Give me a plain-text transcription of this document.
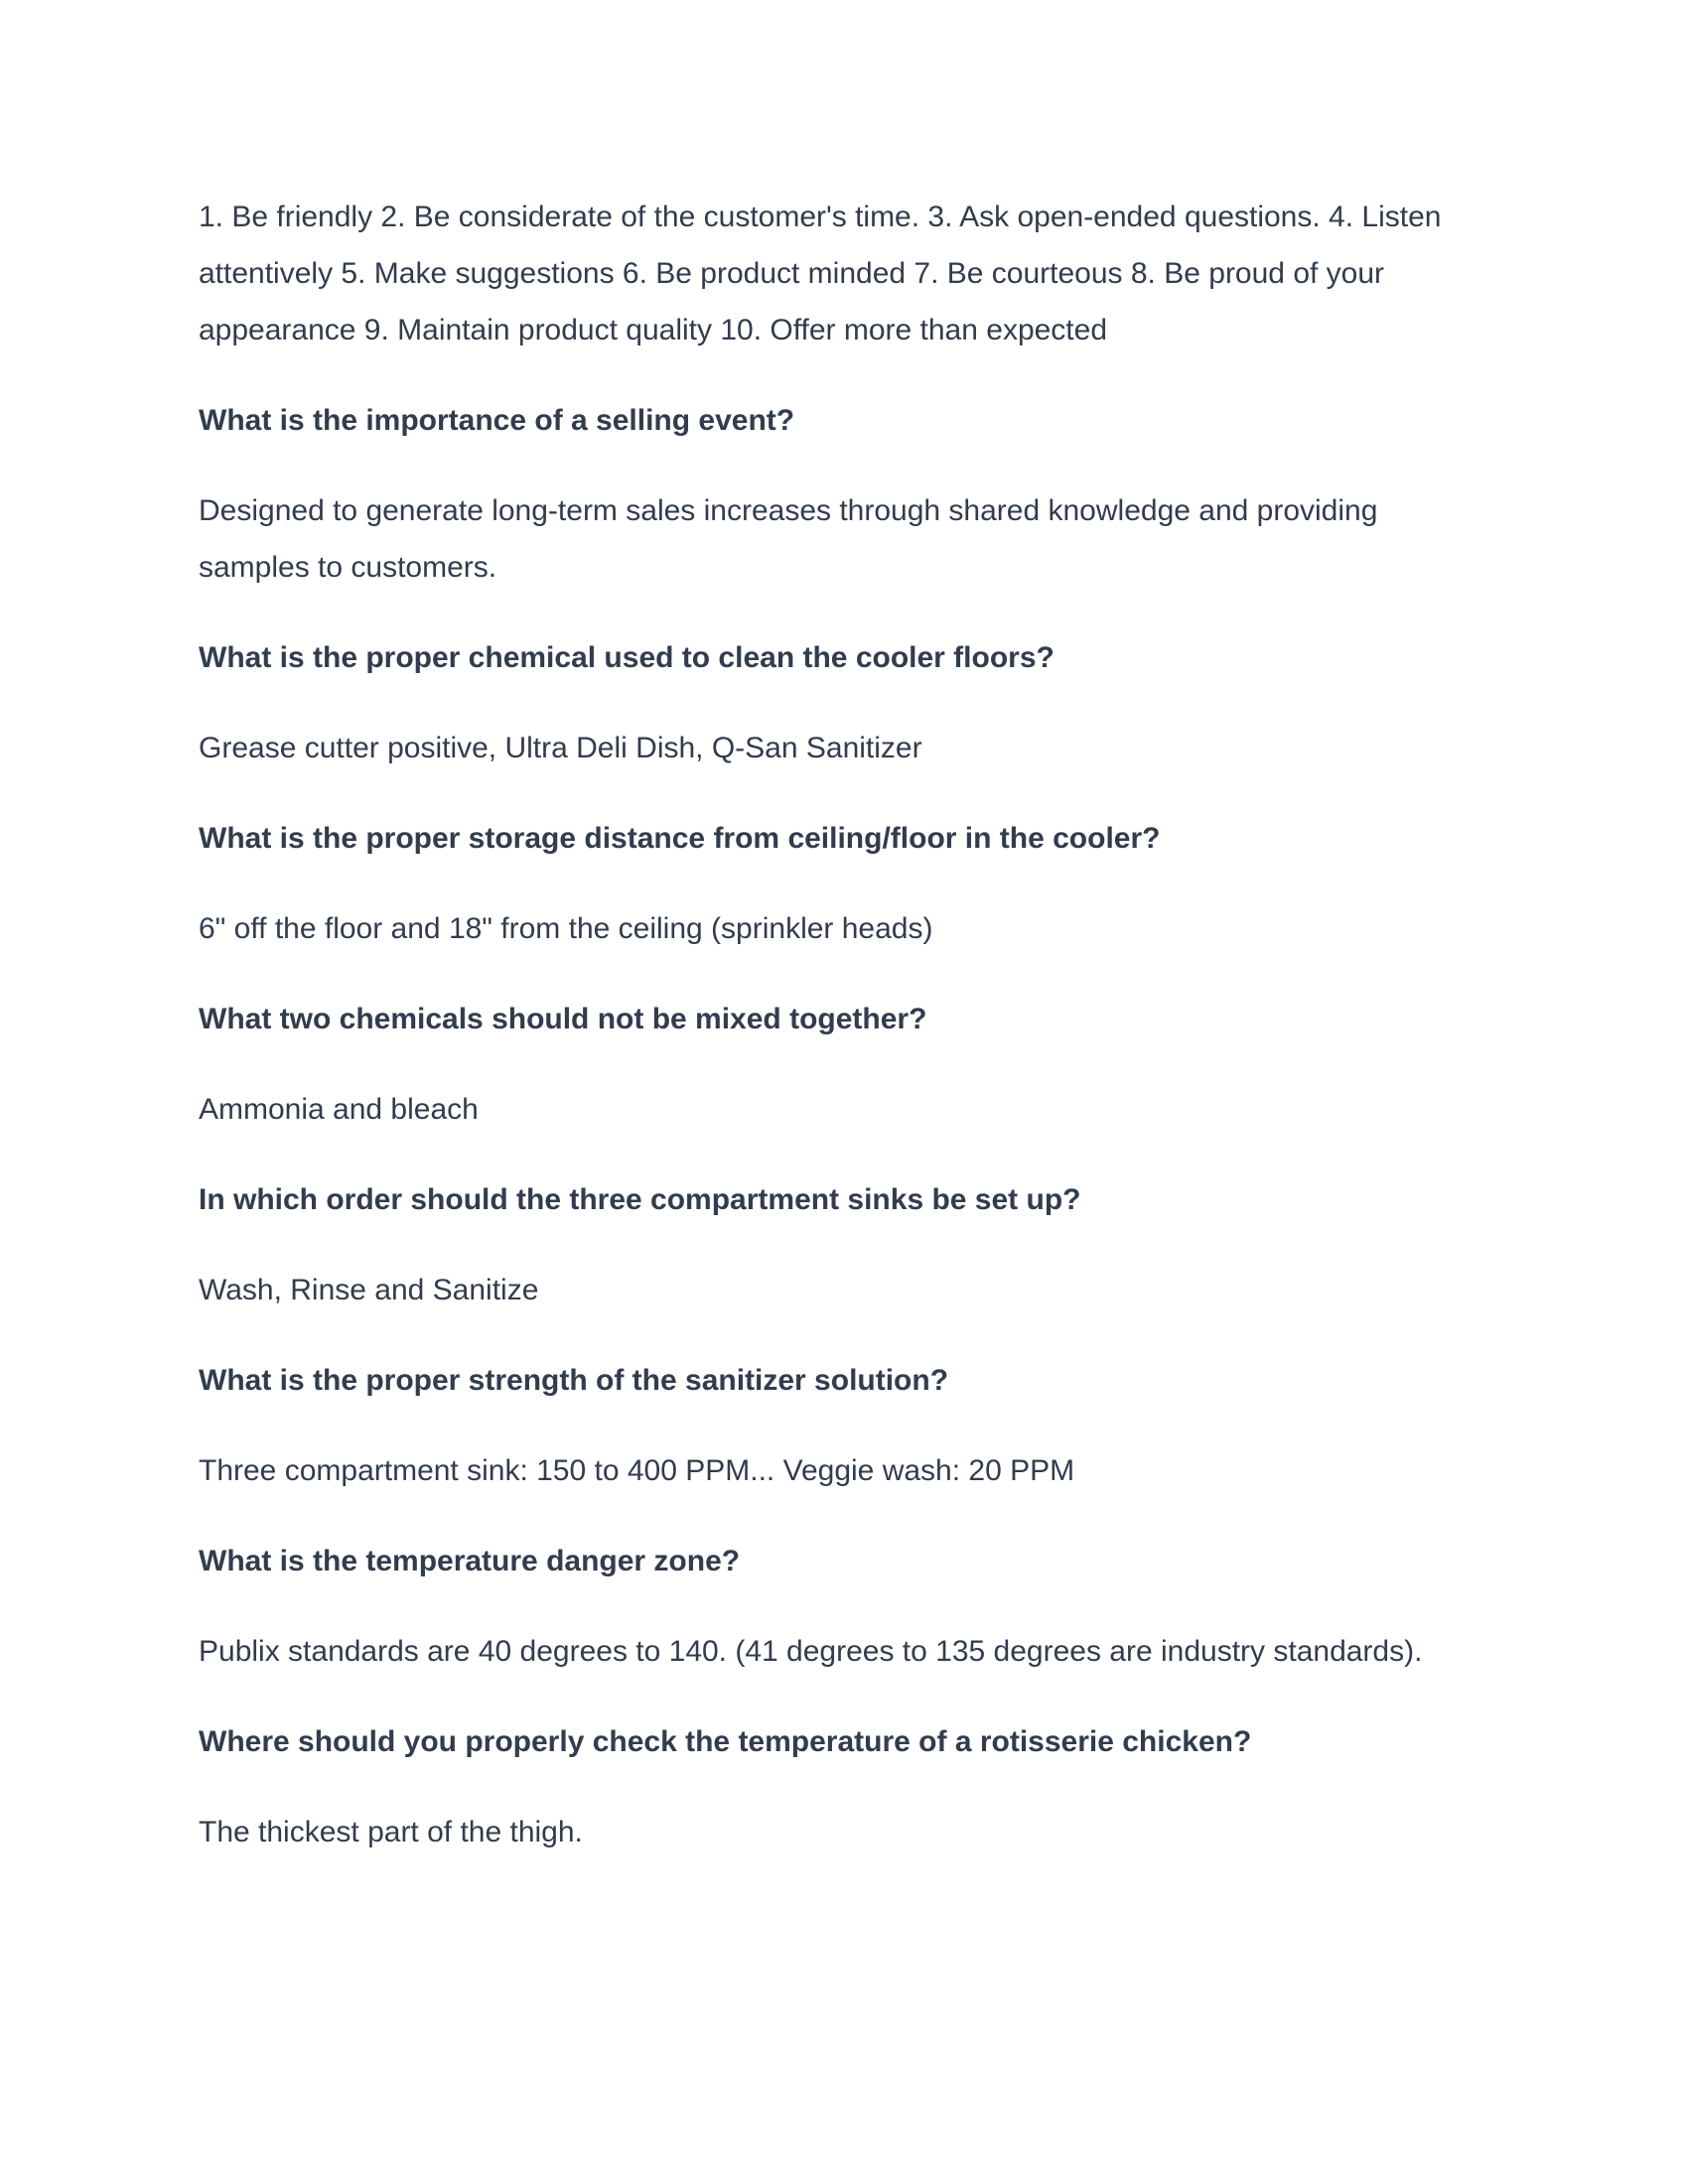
1. Be friendly 2. Be considerate of the customer's time. 3. Ask open-ended questions. 4. Listen attentively 5. Make suggestions 6. Be product minded 7. Be courteous 8. Be proud of your appearance 9. Maintain product quality 10. Offer more than expected

What is the importance of a selling event?

Designed to generate long-term sales increases through shared knowledge and providing samples to customers.

What is the proper chemical used to clean the cooler floors?

Grease cutter positive, Ultra Deli Dish, Q-San Sanitizer

What is the proper storage distance from ceiling/floor in the cooler?

6" off the floor and 18" from the ceiling (sprinkler heads)

What two chemicals should not be mixed together?

Ammonia and bleach

In which order should the three compartment sinks be set up?

Wash, Rinse and Sanitize

What is the proper strength of the sanitizer solution?

Three compartment sink: 150 to 400 PPM... Veggie wash: 20 PPM

What is the temperature danger zone?

Publix standards are 40 degrees to 140. (41 degrees to 135 degrees are industry standards).

Where should you properly check the temperature of a rotisserie chicken?

The thickest part of the thigh.
